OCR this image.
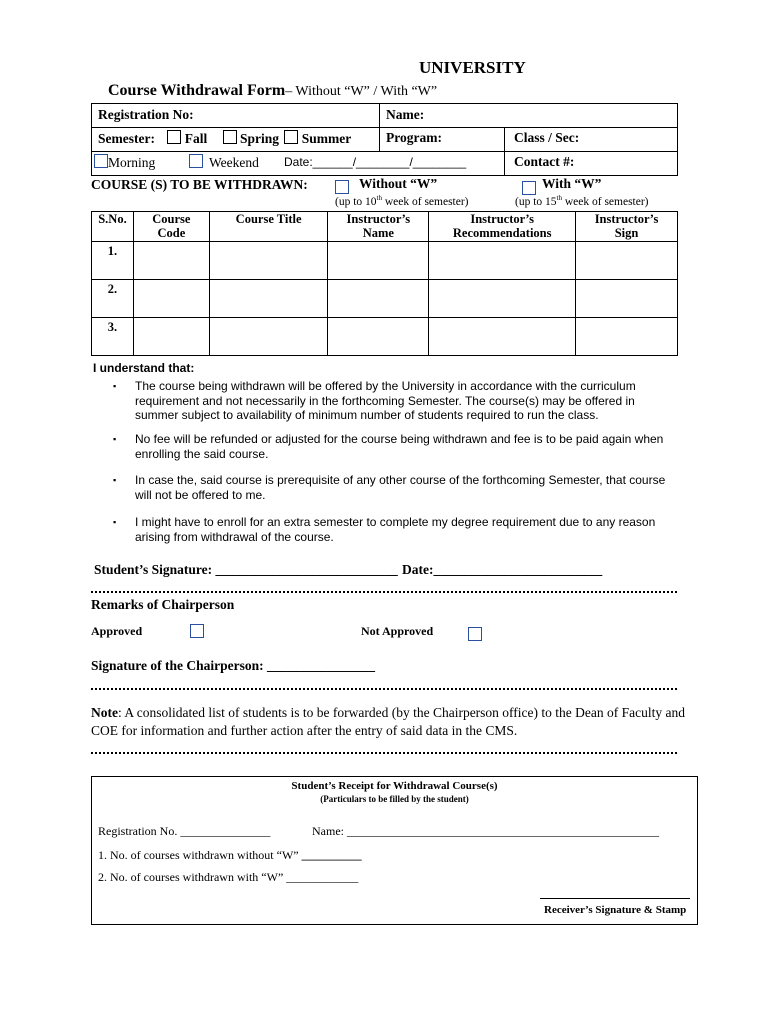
UNIVERSITY
Course Withdrawal Form– Without “W” / With “W”
Registration No:	Name:
Semester: Fall Spring Summer	Program:	Class / Sec:
Morning	Weekend Date:______/________/________	Contact #:
COURSE (S) TO BE WITHDRAWN:	Without “W”	With “W”
(up to 10th week of semester)	(up to 15th week of semester)
S.No.	Course Code	Course Title	Instructor’s Name	Instructor’s Recommendations	Instructor’s Sign
1.					
2.					
3.					
I understand that:
▪ The course being withdrawn will be offered by the University in accordance with the curriculum requirement and not necessarily in the forthcoming Semester. The course(s) may be offered in summer subject to availability of minimum number of students required to run the class.
▪ No fee will be refunded or adjusted for the course being withdrawn and fee is to be paid again when enrolling the said course.
▪ In case the, said course is prerequisite of any other course of the forthcoming Semester, that course will not be offered to me.
▪ I might have to enroll for an extra semester to complete my degree requirement due to any reason arising from withdrawal of the course.
Student’s Signature: ___________________________ Date:_________________________
Remarks of Chairperson
Approved	Not Approved
Signature of the Chairperson: ________________
Note: A consolidated list of students is to be forwarded (by the Chairperson office) to the Dean of Faculty and COE for information and further action after the entry of said data in the CMS.
Student’s Receipt for Withdrawal Course(s)
(Particulars to be filled by the student)
Registration No. _______________	Name: ____________________________________________________
1. No. of courses withdrawn without “W” __________
2. No. of courses withdrawn with “W” ____________
Receiver’s Signature & Stamp
